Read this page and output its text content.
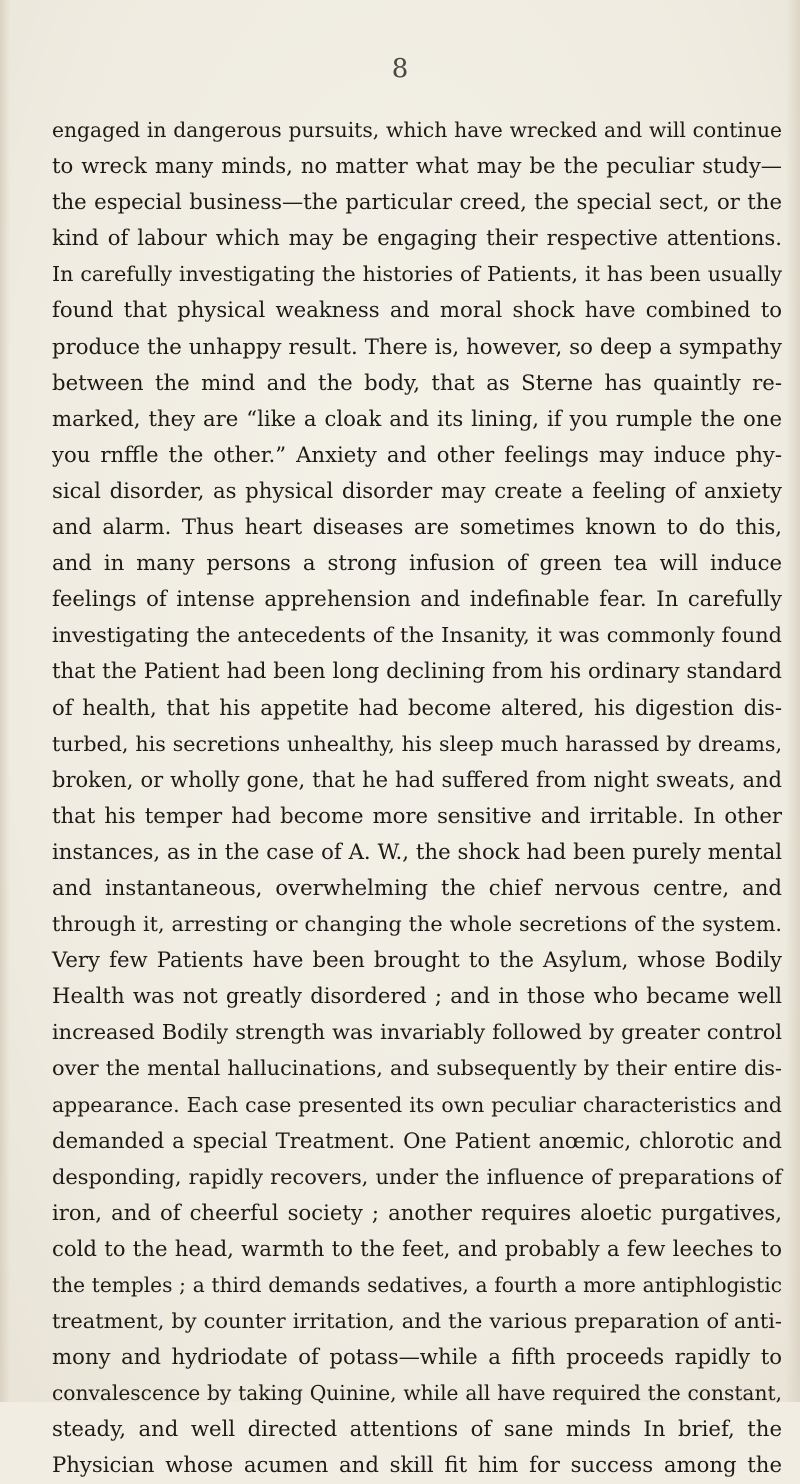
8
engaged in dangerous pursuits, which have wrecked and will continue
to wreck many minds, no matter what may be the peculiar study—
the especial business—the particular creed, the special sect, or the
kind of labour which may be engaging their respective attentions.
In carefully investigating the histories of Patients, it has been usually
found that physical weakness and moral shock have combined to
produce the unhappy result. There is, however, so deep a sympathy
between the mind and the body, that as Sterne has quaintly re-
marked, they are “like a cloak and its lining, if you rumple the one
you rnffle the other.” Anxiety and other feelings may induce phy-
sical disorder, as physical disorder may create a feeling of anxiety
and alarm. Thus heart diseases are sometimes known to do this,
and in many persons a strong infusion of green tea will induce
feelings of intense apprehension and indefinable fear. In carefully
investigating the antecedents of the Insanity, it was commonly found
that the Patient had been long declining from his ordinary standard
of health, that his appetite had become altered, his digestion dis-
turbed, his secretions unhealthy, his sleep much harassed by dreams,
broken, or wholly gone, that he had suffered from night sweats, and
that his temper had become more sensitive and irritable. In other
instances, as in the case of A. W., the shock had been purely mental
and instantaneous, overwhelming the chief nervous centre, and
through it, arresting or changing the whole secretions of the system.
Very few Patients have been brought to the Asylum, whose Bodily
Health was not greatly disordered ; and in those who became well
increased Bodily strength was invariably followed by greater control
over the mental hallucinations, and subsequently by their entire dis-
appearance. Each case presented its own peculiar characteristics and
demanded a special Treatment. One Patient anœmic, chlorotic and
desponding, rapidly recovers, under the influence of preparations of
iron, and of cheerful society ; another requires aloetic purgatives,
cold to the head, warmth to the feet, and probably a few leeches to
the temples ; a third demands sedatives, a fourth a more antiphlogistic
treatment, by counter irritation, and the various preparation of anti-
mony and hydriodate of potass—while a fifth proceeds rapidly to
convalescence by taking Quinine, while all have required the constant,
steady, and well directed attentions of sane minds In brief, the
Physician whose acumen and skill fit him for success among the
